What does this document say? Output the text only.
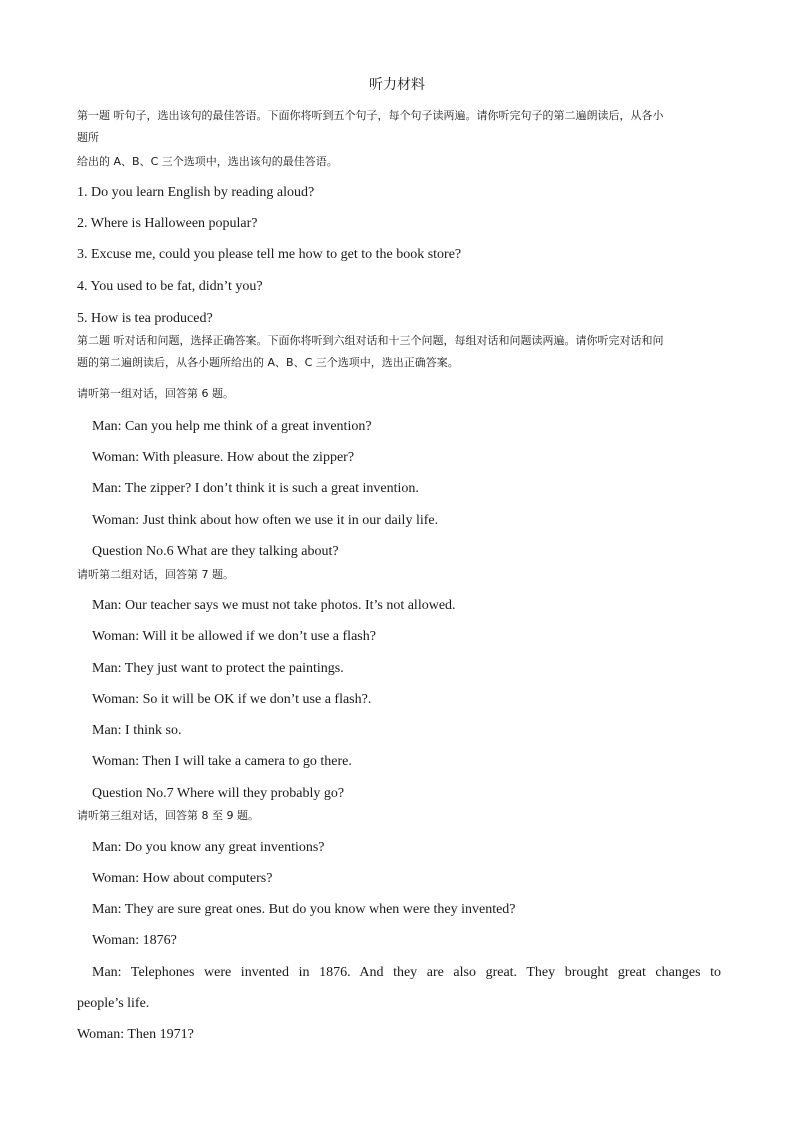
听力材料
第一题 听句子，选出该句的最佳答语。下面你将听到五个句子，每个句子读两遍。请你听完句子的第二遍朗读后，从各小
题所
给出的 A、B、C 三个选项中，选出该句的最佳答语。
1. Do you learn English by reading aloud?
2. Where is Halloween popular?
3. Excuse me, could you please tell me how to get to the book store?
4. You used to be fat, didn’t you?
5. How is tea produced?
第二题 听对话和问题，选择正确答案。下面你将听到六组对话和十三个问题，每组对话和问题读两遍。请你听完对话和问
题的第二遍朗读后，从各小题所给出的 A、B、C 三个选项中，选出正确答案。
请听第一组对话，回答第 6 题。
Man: Can you help me think of a great invention?
Woman: With pleasure. How about the zipper?
Man: The zipper? I don’t think it is such a great invention.
Woman: Just think about how often we use it in our daily life.
Question No.6 What are they talking about?
请听第二组对话，回答第 7 题。
Man: Our teacher says we must not take photos. It’s not allowed.
Woman: Will it be allowed if we don’t use a flash?
Man: They just want to protect the paintings.
Woman: So it will be OK if we don’t use a flash?.
Man: I think so.
Woman: Then I will take a camera to go there.
Question No.7 Where will they probably go?
请听第三组对话，回答第 8 至 9 题。
Man: Do you know any great inventions?
Woman: How about computers?
Man: They are sure great ones. But do you know when were they invented?
Woman: 1876?
Man: Telephones were invented in 1876. And they are also great. They brought great changes to
people’s life.
Woman: Then 1971?
